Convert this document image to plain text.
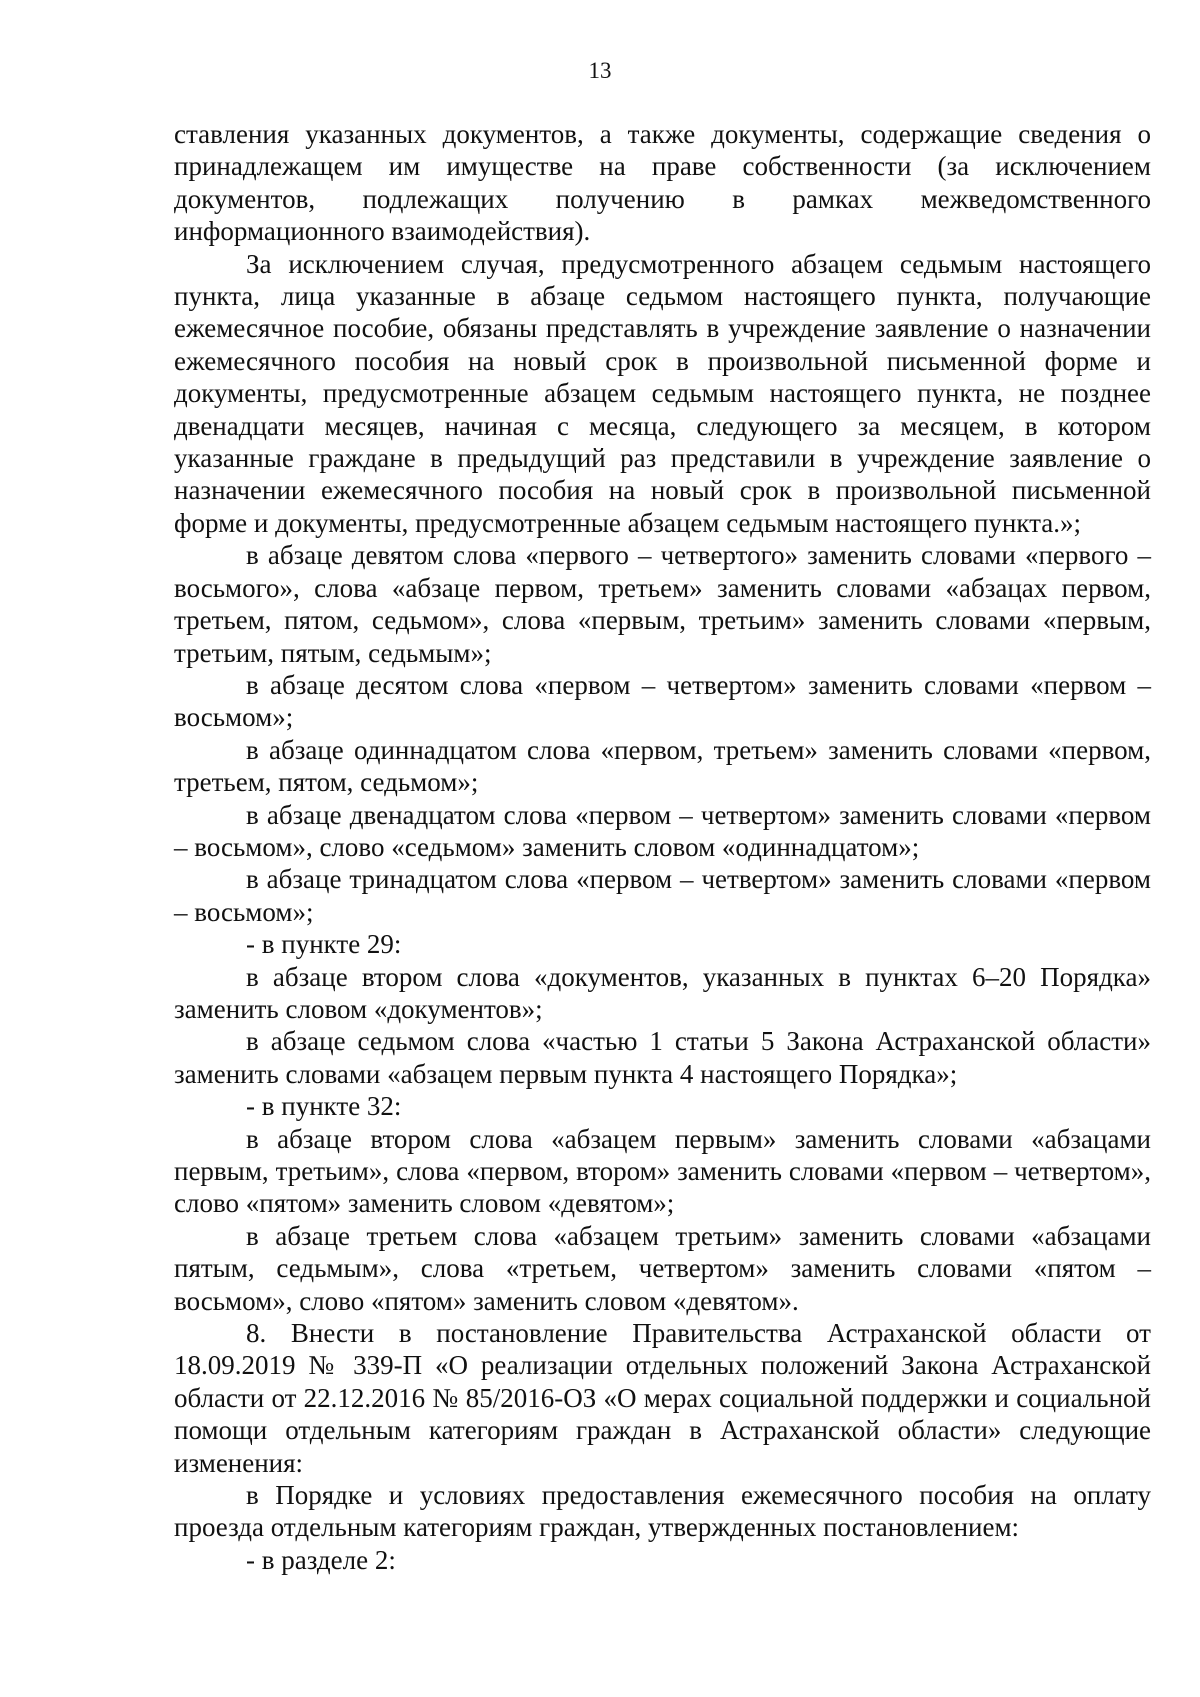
13

ставления указанных документов, а также документы, содержащие сведения о принадлежащем им имуществе на праве собственности (за исключением документов, подлежащих получению в рамках межведомственного информационного взаимодействия).

За исключением случая, предусмотренного абзацем седьмым настоящего пункта, лица указанные в абзаце седьмом настоящего пункта, получающие ежемесячное пособие, обязаны представлять в учреждение заявление о назначении ежемесячного пособия на новый срок в произвольной письменной форме и документы, предусмотренные абзацем седьмым настоящего пункта, не позднее двенадцати месяцев, начиная с месяца, следующего за месяцем, в котором указанные граждане в предыдущий раз представили в учреждение заявление о назначении ежемесячного пособия на новый срок в произвольной письменной форме и документы, предусмотренные абзацем седьмым настоящего пункта.»;

в абзаце девятом слова «первого – четвертого» заменить словами «первого – восьмого», слова «абзаце первом, третьем» заменить словами «абзацах первом, третьем, пятом, седьмом», слова «первым, третьим» заменить словами «первым, третьим, пятым, седьмым»;

в абзаце десятом слова «первом – четвертом» заменить словами «первом – восьмом»;

в абзаце одиннадцатом слова «первом, третьем» заменить словами «первом, третьем, пятом, седьмом»;

в абзаце двенадцатом слова «первом – четвертом» заменить словами «первом – восьмом», слово «седьмом» заменить словом «одиннадцатом»;

в абзаце тринадцатом слова «первом – четвертом» заменить словами «первом – восьмом»;

- в пункте 29:

в абзаце втором слова «документов, указанных в пунктах 6–20 Порядка» заменить словом «документов»;

в абзаце седьмом слова «частью 1 статьи 5 Закона Астраханской области» заменить словами «абзацем первым пункта 4 настоящего Порядка»;

- в пункте 32:

в абзаце втором слова «абзацем первым» заменить словами «абзацами первым, третьим», слова «первом, втором» заменить словами «первом – четвертом», слово «пятом» заменить словом «девятом»;

в абзаце третьем слова «абзацем третьим» заменить словами «абзацами пятым, седьмым», слова «третьем, четвертом» заменить словами «пятом – восьмом», слово «пятом» заменить словом «девятом».

8. Внести в постановление Правительства Астраханской области от 18.09.2019 № 339-П «О реализации отдельных положений Закона Астраханской области от 22.12.2016 № 85/2016-ОЗ «О мерах социальной поддержки и социальной помощи отдельным категориям граждан в Астраханской области» следующие изменения:

в Порядке и условиях предоставления ежемесячного пособия на оплату проезда отдельным категориям граждан, утвержденных постановлением:

- в разделе 2:
